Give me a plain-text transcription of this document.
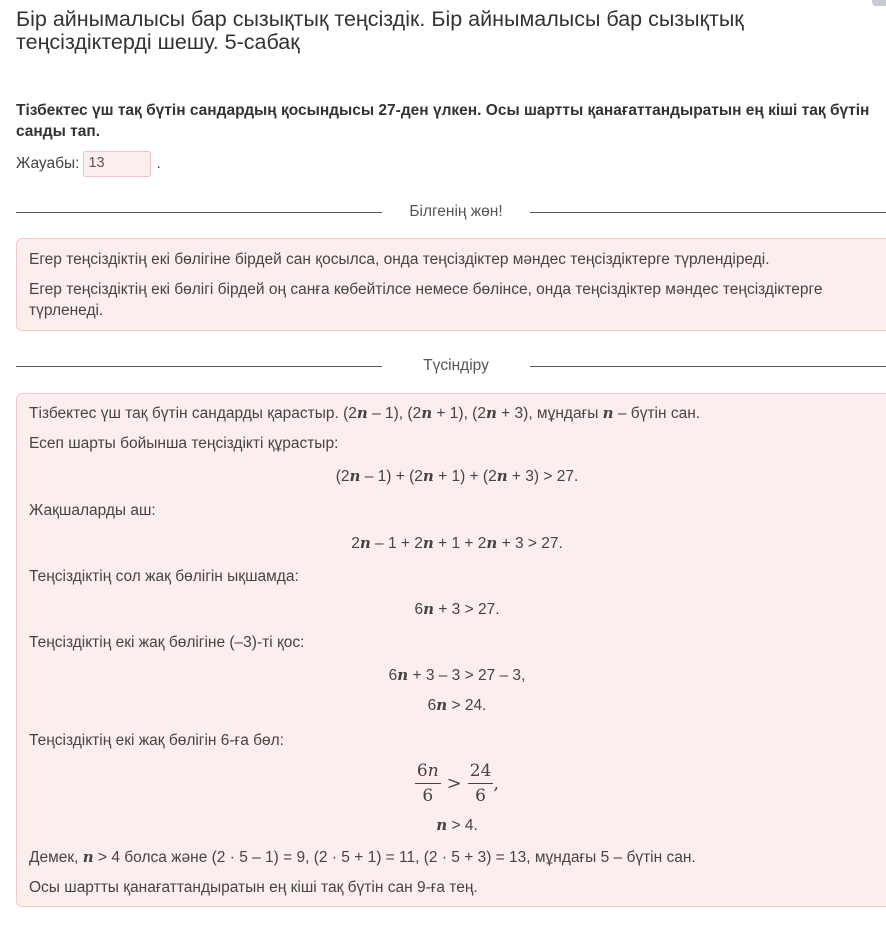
Бір айнымалысы бар сызықтық теңсіздік. Бір айнымалысы бар сызықтық теңсіздіктерді шешу. 5-сабақ
Тізбектес үш тақ бүтін сандардың қосындысы 27-ден үлкен. Осы шартты қанағаттандыратын ең кіші тақ бүтін санды тап.
Жауабы: 13	.
Білгенің жөн!

Егер теңсіздіктің екі бөлігіне бірдей сан қосылса, онда теңсіздіктер мәндес теңсіздіктерге түрлендіреді.

Егер теңсіздіктің екі бөлігі бірдей оң санға көбейтілсе немесе бөлінсе, онда теңсіздіктер мәндес теңсіздіктерге түрленеді.

Түсіндіру

Тізбектес үш тақ бүтін сандарды қарастыр. (2n – 1), (2n + 1), (2n + 3), мұндағы n – бүтін сан.

Есеп шарты бойынша теңсіздікті құрастыр:

(2n – 1) + (2n + 1) + (2n + 3) > 27.

Жақшаларды аш:

2n – 1 + 2n + 1 + 2n + 3 > 27.

Теңсіздіктің сол жақ бөлігін ықшамда:

6n + 3 > 27.

Теңсіздіктің екі жақ бөлігіне (–3)-ті қос:

6n + 3 – 3 > 27 – 3,

6n > 24.

Теңсіздіктің екі жақ бөлігін 6-ға бөл:

$\frac{6n}{6} > \frac{24}{6}$ ,

n > 4.

Демек, n > 4 болса және (2 · 5 – 1) = 9, (2 · 5 + 1) = 11, (2 · 5 + 3) = 13, мұндағы 5 – бүтін сан.

Осы шартты қанағаттандыратын ең кіші тақ бүтін сан 9-ға тең.
